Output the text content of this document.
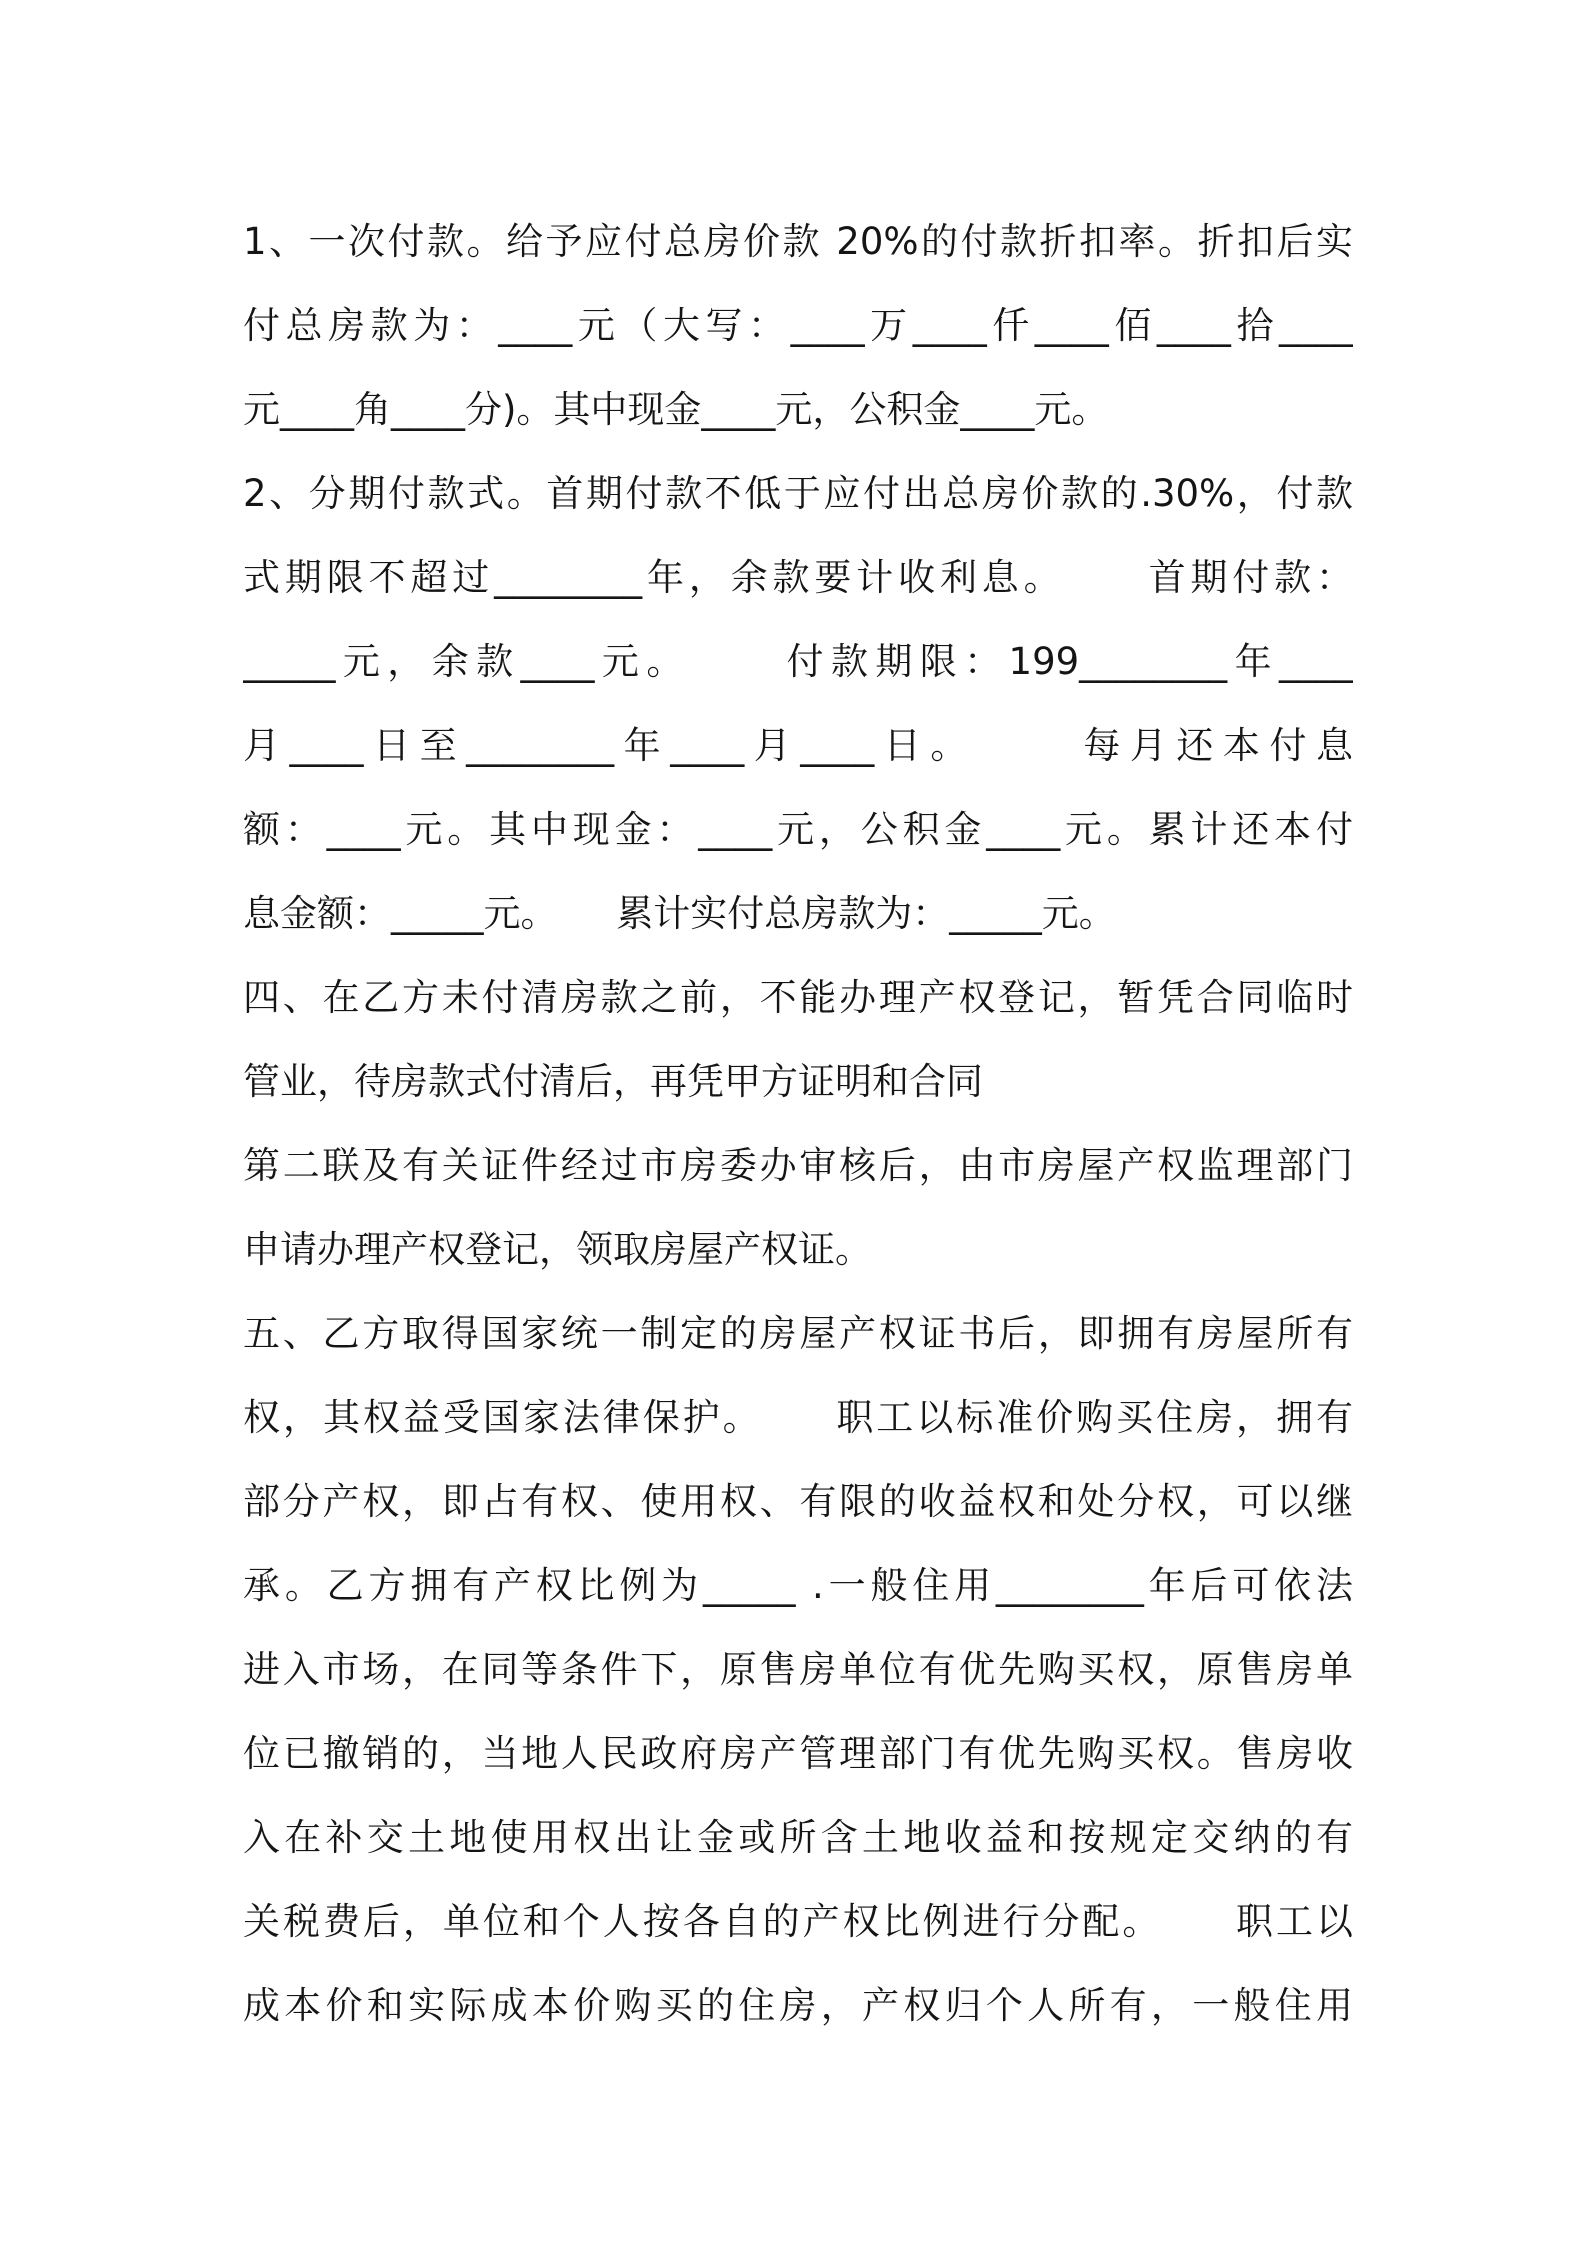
1、一次付款。给予应付总房价款 20%的付款折扣率。折扣后实
付总房款为：____元（大写：____万____仟____佰____拾____
元____角____分)。其中现金____元，公积金____元。
2、分期付款式。首期付款不低于应付出总房价款的.30%，付款
式期限不超过________年，余款要计收利息。     首期付款：
_____元，余款____元。     付款期限：199________年____
月____日至________年____月____日。     每月还本付息
额：____元。其中现金：____元，公积金____元。累计还本付
息金额：_____元。     累计实付总房款为：_____元。
四、在乙方未付清房款之前，不能办理产权登记，暂凭合同临时
管业，待房款式付清后，再凭甲方证明和合同
第二联及有关证件经过市房委办审核后，由市房屋产权监理部门
申请办理产权登记，领取房屋产权证。
五、乙方取得国家统一制定的房屋产权证书后，即拥有房屋所有
权，其权益受国家法律保护。     职工以标准价购买住房，拥有
部分产权，即占有权、使用权、有限的收益权和处分权，可以继
承。乙方拥有产权比例为_____ .一般住用________年后可依法
进入市场，在同等条件下，原售房单位有优先购买权，原售房单
位已撤销的，当地人民政府房产管理部门有优先购买权。售房收
入在补交土地使用权出让金或所含土地收益和按规定交纳的有
关税费后，单位和个人按各自的产权比例进行分配。     职工以
成本价和实际成本价购买的住房，产权归个人所有，一般住用
